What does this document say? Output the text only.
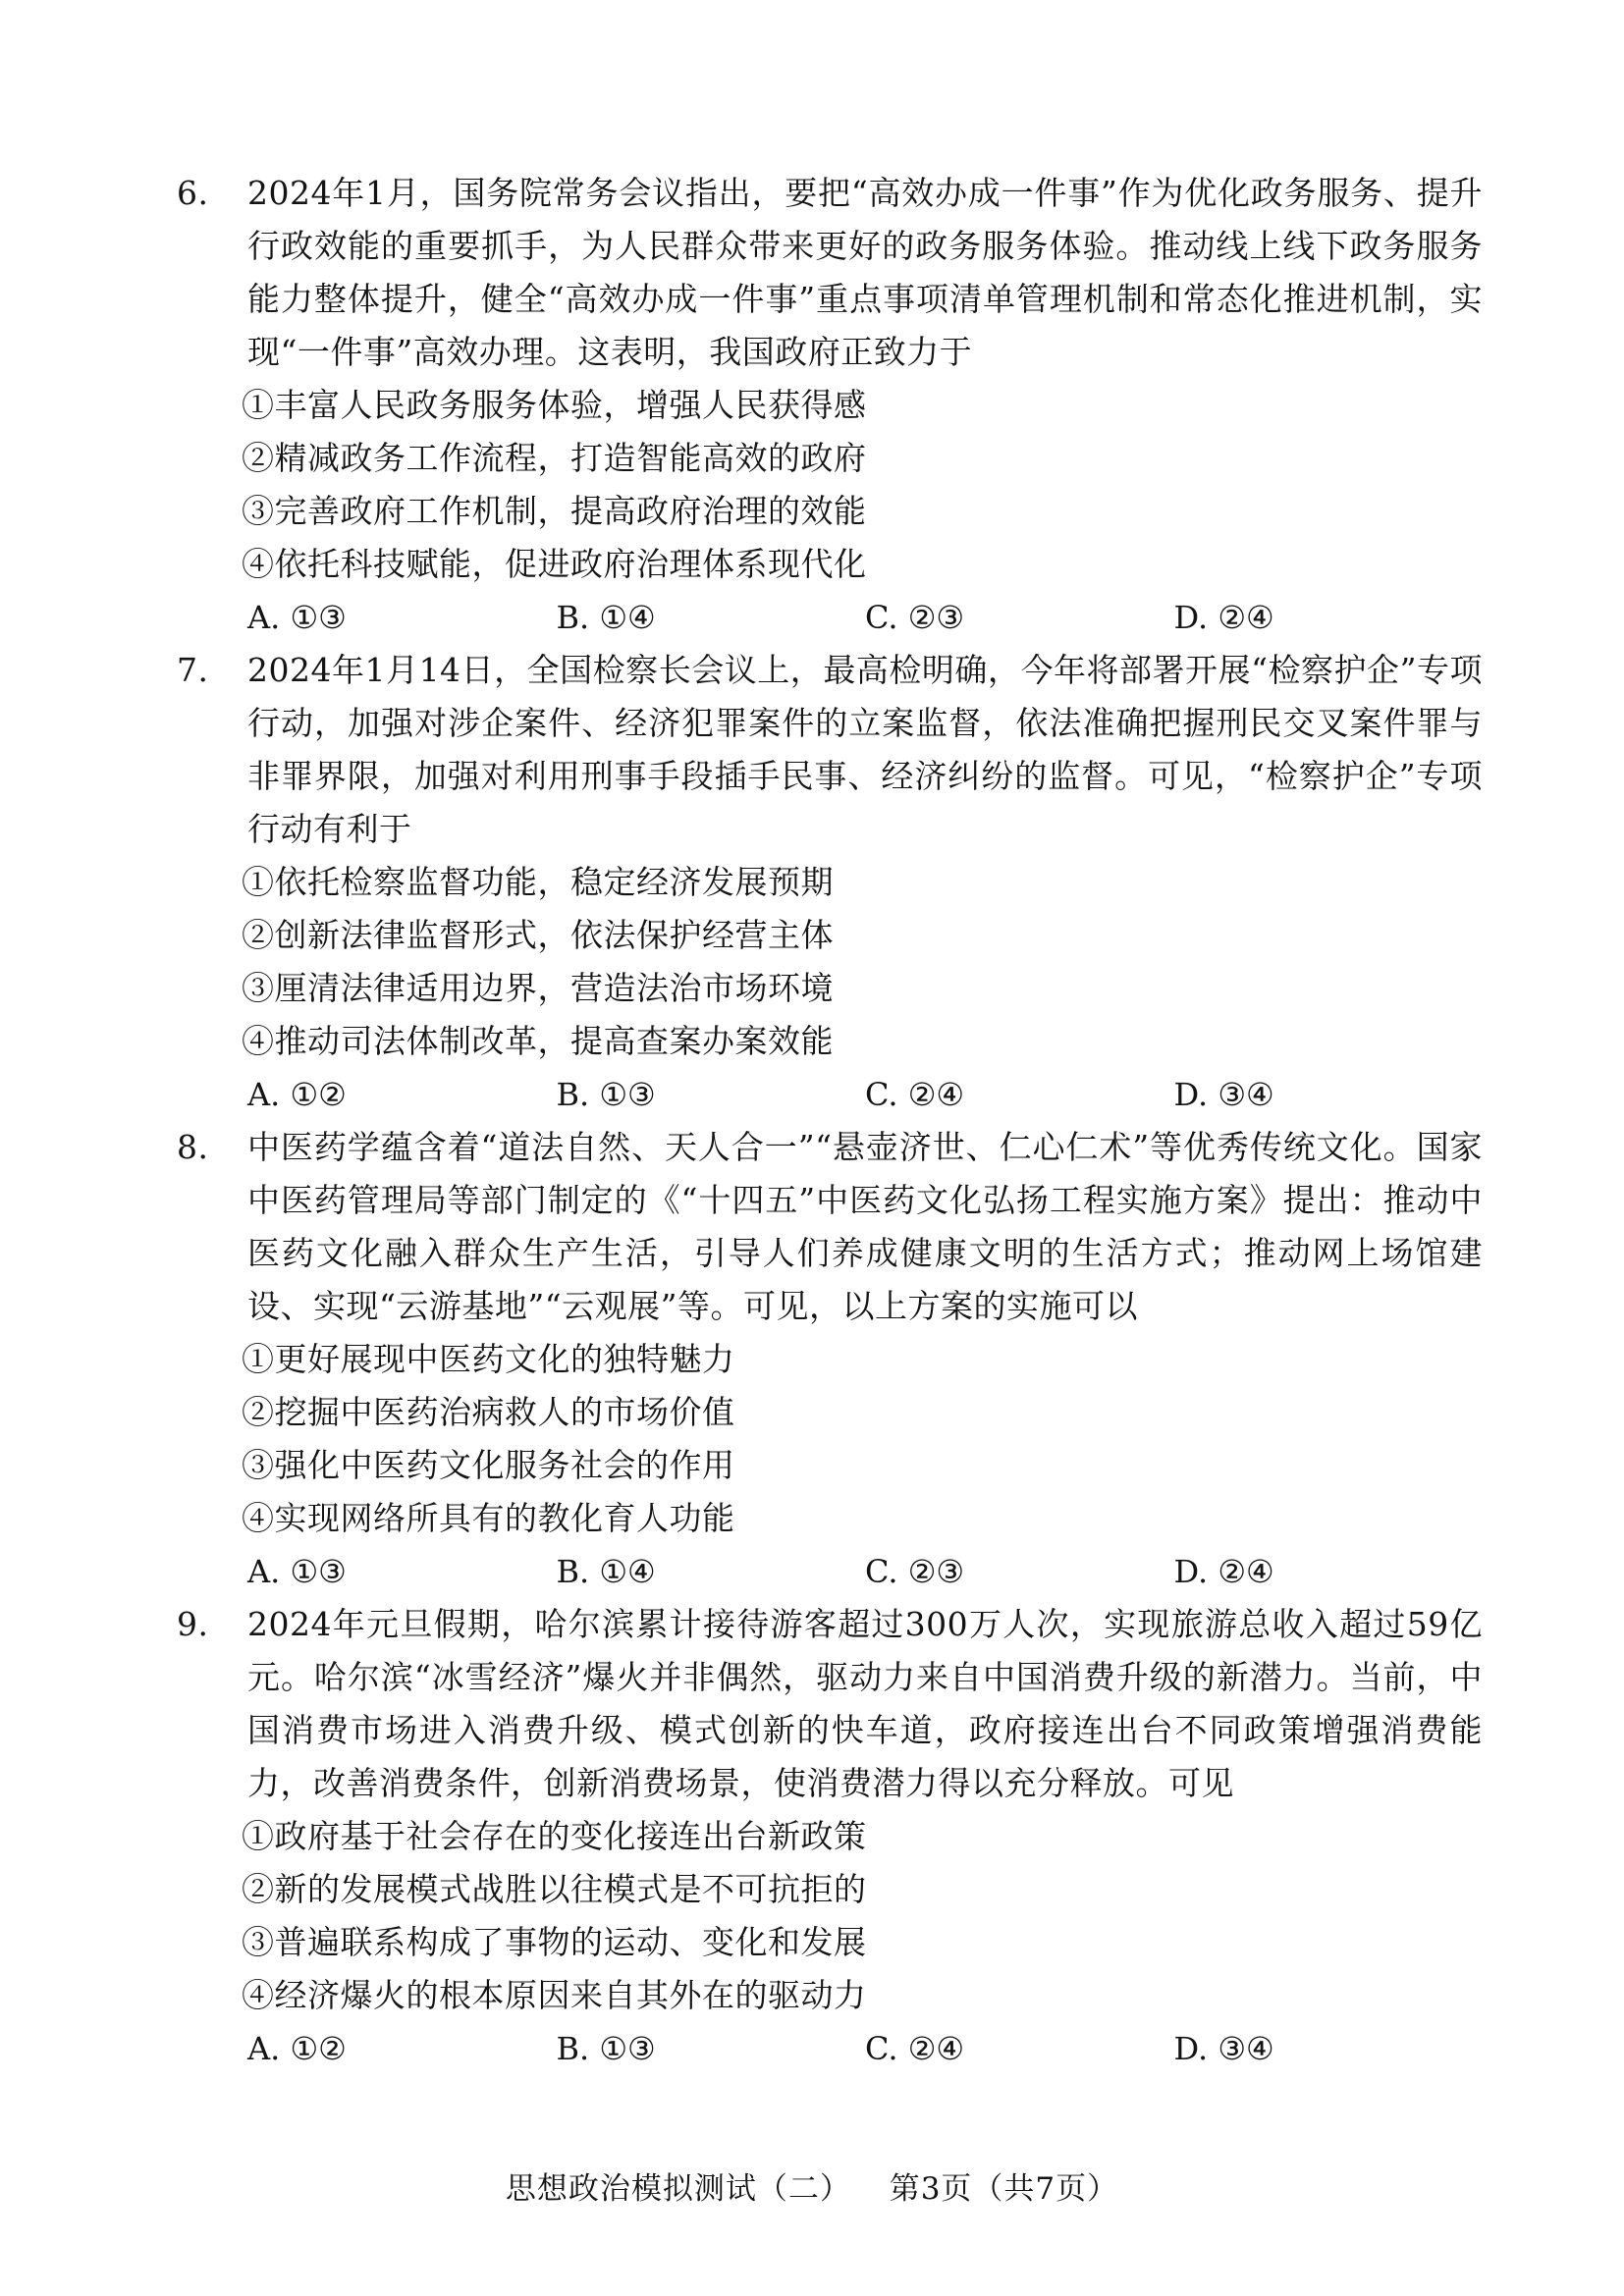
6.	2024年1月，国务院常务会议指出，要把“高效办成一件事”作为优化政务服务、提升行政效能的重要抓手，为人民群众带来更好的政务服务体验。推动线上线下政务服务能力整体提升，健全“高效办成一件事”重点事项清单管理机制和常态化推进机制，实现“一件事”高效办理。这表明，我国政府正致力于
①丰富人民政务服务体验，增强人民获得感
②精减政务工作流程，打造智能高效的政府
③完善政府工作机制，提高政府治理的效能
④依托科技赋能，促进政府治理体系现代化
A. ①③	B. ①④	C. ②③	D. ②④
7.	2024年1月14日，全国检察长会议上，最高检明确，今年将部署开展“检察护企”专项行动，加强对涉企案件、经济犯罪案件的立案监督，依法准确把握刑民交叉案件罪与非罪界限，加强对利用刑事手段插手民事、经济纠纷的监督。可见，“检察护企”专项行动有利于
①依托检察监督功能，稳定经济发展预期
②创新法律监督形式，依法保护经营主体
③厘清法律适用边界，营造法治市场环境
④推动司法体制改革，提高查案办案效能
A. ①②	B. ①③	C. ②④	D. ③④
8.	中医药学蕴含着“道法自然、天人合一”“悬壶济世、仁心仁术”等优秀传统文化。国家中医药管理局等部门制定的《“十四五”中医药文化弘扬工程实施方案》提出：推动中医药文化融入群众生产生活，引导人们养成健康文明的生活方式；推动网上场馆建设、实现“云游基地”“云观展”等。可见，以上方案的实施可以
①更好展现中医药文化的独特魅力
②挖掘中医药治病救人的市场价值
③强化中医药文化服务社会的作用
④实现网络所具有的教化育人功能
A. ①③	B. ①④	C. ②③	D. ②④
9.	2024年元旦假期，哈尔滨累计接待游客超过300万人次，实现旅游总收入超过59亿元。哈尔滨“冰雪经济”爆火并非偶然，驱动力来自中国消费升级的新潜力。当前，中国消费市场进入消费升级、模式创新的快车道，政府接连出台不同政策增强消费能力，改善消费条件，创新消费场景，使消费潜力得以充分释放。可见
①政府基于社会存在的变化接连出台新政策
②新的发展模式战胜以往模式是不可抗拒的
③普遍联系构成了事物的运动、变化和发展
④经济爆火的根本原因来自其外在的驱动力
A. ①②	B. ①③	C. ②④	D. ③④
思想政治模拟测试（二） 第3页（共7页）
